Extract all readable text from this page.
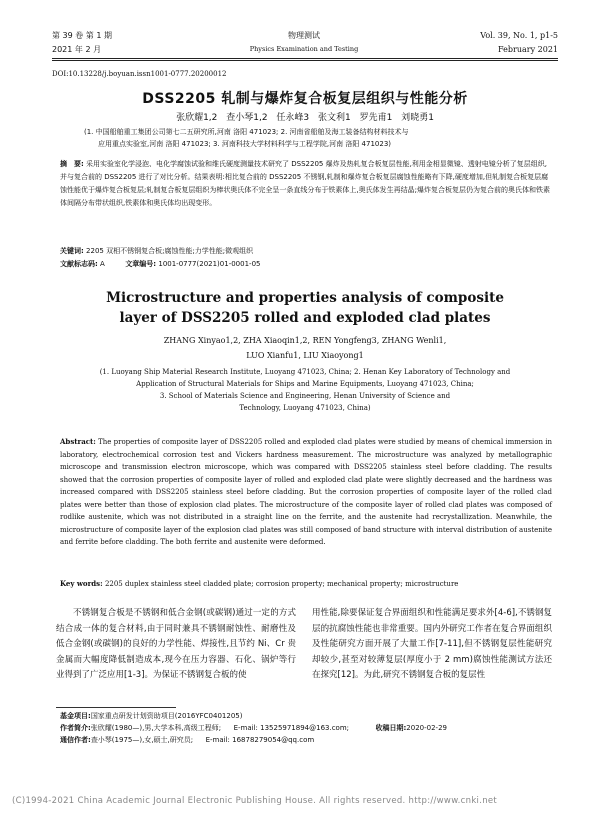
第 39 卷 第 1 期
2021 年 2 月
物理测试
Physics Examination and Testing
Vol. 39, No. 1, p1-5
February 2021
DOI:10.13228/j.boyuan.issn1001-0777.20200012
DSS2205 轧制与爆炸复合板复层组织与性能分析
张欣耀1,2 查小琴1,2 任永峰3 张文利1 罗先甫1 刘晓勇1
(1. 中国船舶重工集团公司第七二五研究所,河南 洛阳 471023; 2. 河南省船舶及海工装备结构材料技术与
应用重点实验室,河南 洛阳 471023; 3. 河南科技大学材料科学与工程学院,河南 洛阳 471023)
摘　要: 采用实验室化学浸泡、电化学腐蚀试验和维氏硬度测量技术研究了 DSS2205 爆炸及热轧复合板复层性能,利用金相显微镜、透射电镜分析了复层组织,并与复合前的 DSS2205 进行了对比分析。结果表明:相比复合前的 DSS2205 不锈钢,轧制和爆炸复合板复层腐蚀性能略有下降,硬度增加,但轧制复合板复层腐蚀性能优于爆炸复合板复层;轧制复合板复层组织为棒状奥氏体不完全呈一条直线分布于铁素体上,奥氏体发生再结晶;爆炸复合板复层仍为复合前的奥氏体和铁素体间隔分布带状组织,铁素体和奥氏体均出现变形。
关键词: 2205 双相不锈钢复合板;腐蚀性能;力学性能;微观组织
文献标志码: A	文章编号: 1001-0777(2021)01-0001-05
Microstructure and properties analysis of composite
layer of DSS2205 rolled and exploded clad plates
ZHANG Xinyao1,2, ZHA Xiaoqin1,2, REN Yongfeng3, ZHANG Wenli1,
LUO Xianfu1, LIU Xiaoyong1
(1. Luoyang Ship Material Research Institute, Luoyang 471023, China; 2. Henan Key Laboratory of Technology and
Application of Structural Materials for Ships and Marine Equipments, Luoyang 471023, China;
3. School of Materials Science and Engineering, Henan University of Science and
Technology, Luoyang 471023, China)
Abstract: The properties of composite layer of DSS2205 rolled and exploded clad plates were studied by means of chemical immersion in laboratory, electrochemical corrosion test and Vickers hardness measurement. The microstructure was analyzed by metallographic microscope and transmission electron microscope, which was compared with DSS2205 stainless steel before cladding. The results showed that the corrosion properties of composite layer of rolled and exploded clad plate were slightly decreased and the hardness was increased compared with DSS2205 stainless steel before cladding. But the corrosion properties of composite layer of the rolled clad plates were better than those of explosion clad plates. The microstructure of the composite layer of rolled clad plates was composed of rodlike austenite, which was not distributed in a straight line on the ferrite, and the austenite had recrystallization. Meanwhile, the microstructure of composite layer of the explosion clad plates was still composed of band structure with interval distribution of austenite and ferrite before cladding. The both ferrite and austenite were deformed.
Key words: 2205 duplex stainless steel cladded plate; corrosion property; mechanical property; microstructure
不锈钢复合板是不锈钢和低合金钢(或碳钢)通过一定的方式结合成一体的复合材料,由于同时兼具不锈钢耐蚀性、耐磨性及低合金钢(或碳钢)的良好的力学性能、焊接性,且节约 Ni、Cr 贵金属而大幅度降低制造成本,现今在压力容器、石化、锅炉等行业得到了广泛应用[1-3]。为保证不锈钢复合板的使
用性能,除要保证复合界面组织和性能满足要求外[4-6],不锈钢复层的抗腐蚀性能也非常重要。国内外研究工作者在复合界面组织及性能研究方面开展了大量工作[7-11],但不锈钢复层性能研究却较少,甚至对较薄复层(厚度小于 2 mm)腐蚀性能测试方法还在探究[12]。为此,研究不锈钢复合板的复层性
基金项目:国家重点研发计划资助项目(2016YFC0401205)
作者简介:张欣耀(1980—),男,大学本科,高级工程师; E-mail: 13525971894@163.com;	收稿日期:2020-02-29
通信作者:查小琴(1975—),女,硕士,研究员; E-mail: 16878279054@qq.com
(C)1994-2021 China Academic Journal Electronic Publishing House. All rights reserved. http://www.cnki.net
